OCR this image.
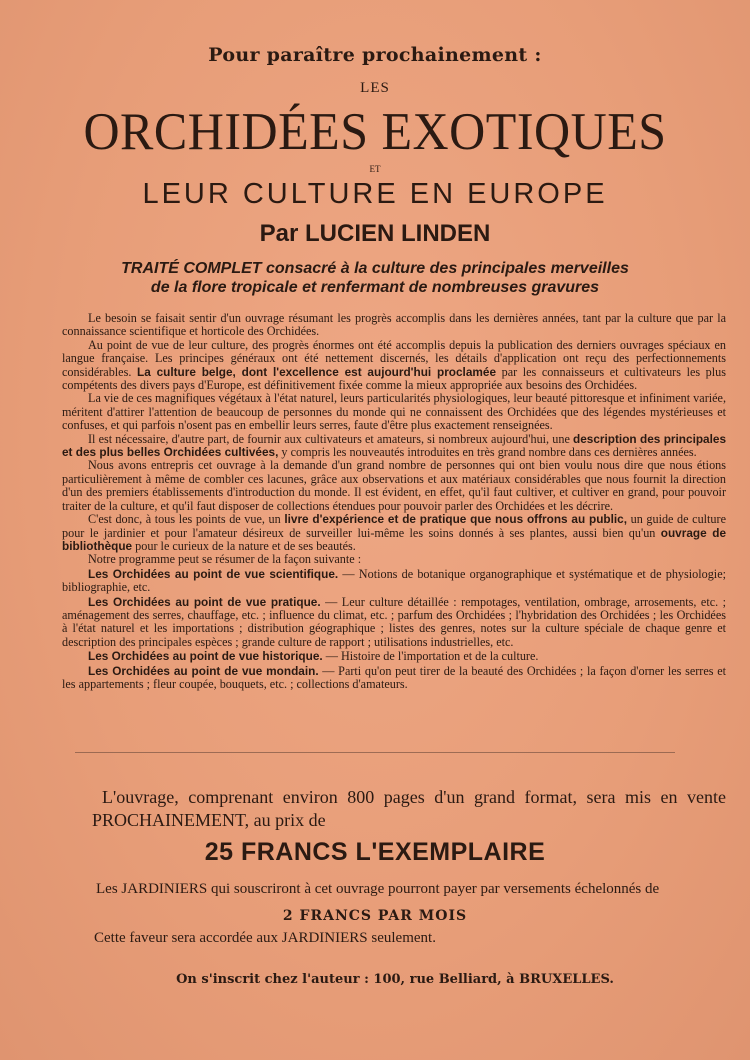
Pour paraître prochainement :
LES
ORCHIDÉES EXOTIQUES
ET
LEUR CULTURE EN EUROPE
Par LUCIEN LINDEN
TRAITÉ COMPLET consacré à la culture des principales merveilles
de la flore tropicale et renfermant de nombreuses gravures

Le besoin se faisait sentir d'un ouvrage résumant les progrès accomplis dans les dernières années, tant par la culture que par la connaissance scientifique et horticole des Orchidées.

Au point de vue de leur culture, des progrès énormes ont été accomplis depuis la publication des derniers ouvrages spéciaux en langue française. Les principes généraux ont été nettement discernés, les détails d'application ont reçu des perfectionnements considérables. La culture belge, dont l'excellence est aujourd'hui proclamée par les connaisseurs et cultivateurs les plus compétents des divers pays d'Europe, est définitivement fixée comme la mieux appropriée aux besoins des Orchidées.

La vie de ces magnifiques végétaux à l'état naturel, leurs particularités physiologiques, leur beauté pittoresque et infiniment variée, méritent d'attirer l'attention de beaucoup de personnes du monde qui ne connaissent des Orchidées que des légendes mystérieuses et confuses, et qui parfois n'osent pas en embellir leurs serres, faute d'être plus exactement renseignées.

Il est nécessaire, d'autre part, de fournir aux cultivateurs et amateurs, si nombreux aujourd'hui, une description des principales et des plus belles Orchidées cultivées, y compris les nouveautés introduites en très grand nombre dans ces dernières années.

Nous avons entrepris cet ouvrage à la demande d'un grand nombre de personnes qui ont bien voulu nous dire que nous étions particulièrement à même de combler ces lacunes, grâce aux observations et aux matériaux considérables que nous fournit la direction d'un des premiers établissements d'introduction du monde. Il est évident, en effet, qu'il faut cultiver, et cultiver en grand, pour pouvoir traiter de la culture, et qu'il faut disposer de collections étendues pour pouvoir parler des Orchidées et les décrire.

C'est donc, à tous les points de vue, un livre d'expérience et de pratique que nous offrons au public, un guide de culture pour le jardinier et pour l'amateur désireux de surveiller lui-même les soins donnés à ses plantes, aussi bien qu'un ouvrage de bibliothèque pour le curieux de la nature et de ses beautés.

Notre programme peut se résumer de la façon suivante :

Les Orchidées au point de vue scientifique. — Notions de botanique organographique et systématique et de physiologie; bibliographie, etc.

Les Orchidées au point de vue pratique. — Leur culture détaillée : rempotages, ventilation, ombrage, arrosements, etc. ; aménagement des serres, chauffage, etc. ; influence du climat, etc. ; parfum des Orchidées ; l'hybridation des Orchidées ; les Orchidées à l'état naturel et les importations ; distribution géographique ; listes des genres, notes sur la culture spéciale de chaque genre et description des principales espèces ; grande culture de rapport ; utilisations industrielles, etc.

Les Orchidées au point de vue historique. — Histoire de l'importation et de la culture.

Les Orchidées au point de vue mondain. — Parti qu'on peut tirer de la beauté des Orchidées ; la façon d'orner les serres et les appartements ; fleur coupée, bouquets, etc. ; collections d'amateurs.

L'ouvrage, comprenant environ 800 pages d'un grand format, sera mis en vente PROCHAINEMENT, au prix de

25 FRANCS L'EXEMPLAIRE

Les JARDINIERS qui souscriront à cet ouvrage pourront payer par versements échelonnés de

2 FRANCS PAR MOIS
Cette faveur sera accordée aux JARDINIERS seulement.
On s'inscrit chez l'auteur : 100, rue Belliard, à BRUXELLES.
